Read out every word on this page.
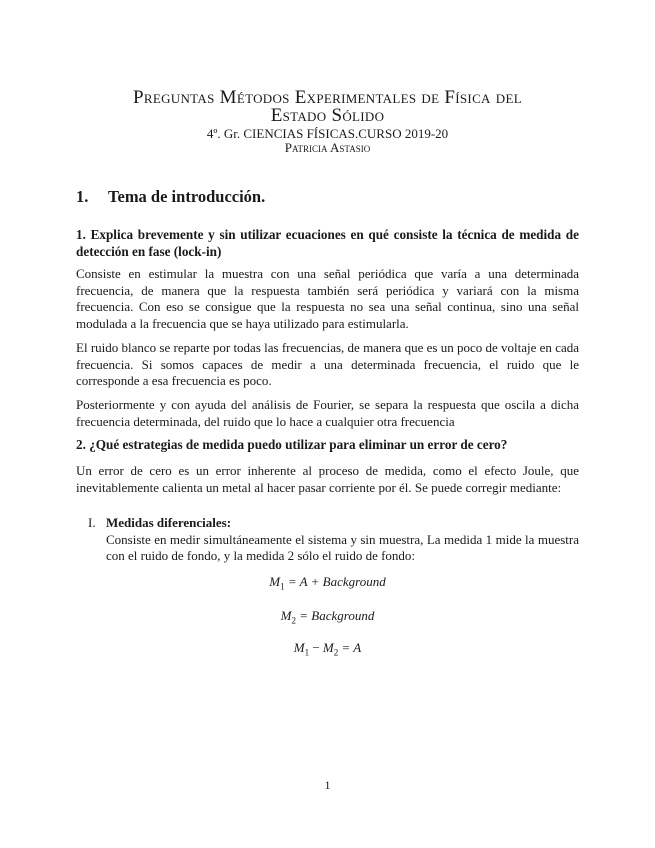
Preguntas Métodos Experimentales de Física del
Estado Sólido
4º. Gr. CIENCIAS FÍSICAS.CURSO 2019-20
Patricia Astasio
1. Tema de introducción.
1. Explica brevemente y sin utilizar ecuaciones en qué consiste la técnica de medida de detección en fase (lock-in)
Consiste en estimular la muestra con una señal periódica que varía a una determinada frecuencia, de manera que la respuesta también será periódica y variará con la misma frecuencia. Con eso se consigue que la respuesta no sea una señal continua, sino una señal modulada a la frecuencia que se haya utilizado para estimularla.
El ruido blanco se reparte por todas las frecuencias, de manera que es un poco de voltaje en cada frecuencia. Si somos capaces de medir a una determinada frecuencia, el ruido que le corresponde a esa frecuencia es poco.
Posteriormente y con ayuda del análisis de Fourier, se separa la respuesta que oscila a dicha frecuencia determinada, del ruido que lo hace a cualquier otra frecuencia
2. ¿Qué estrategias de medida puedo utilizar para eliminar un error de cero?
Un error de cero es un error inherente al proceso de medida, como el efecto Joule, que inevitablemente calienta un metal al hacer pasar corriente por él. Se puede corregir mediante:
I. Medidas diferenciales:
Consiste en medir simultáneamente el sistema y sin muestra, La medida 1 mide la muestra con el ruido de fondo, y la medida 2 sólo el ruido de fondo:
$M_1 = A$ + Background
$M_2$ = Background
$M_1 - M_2 = A$
1
